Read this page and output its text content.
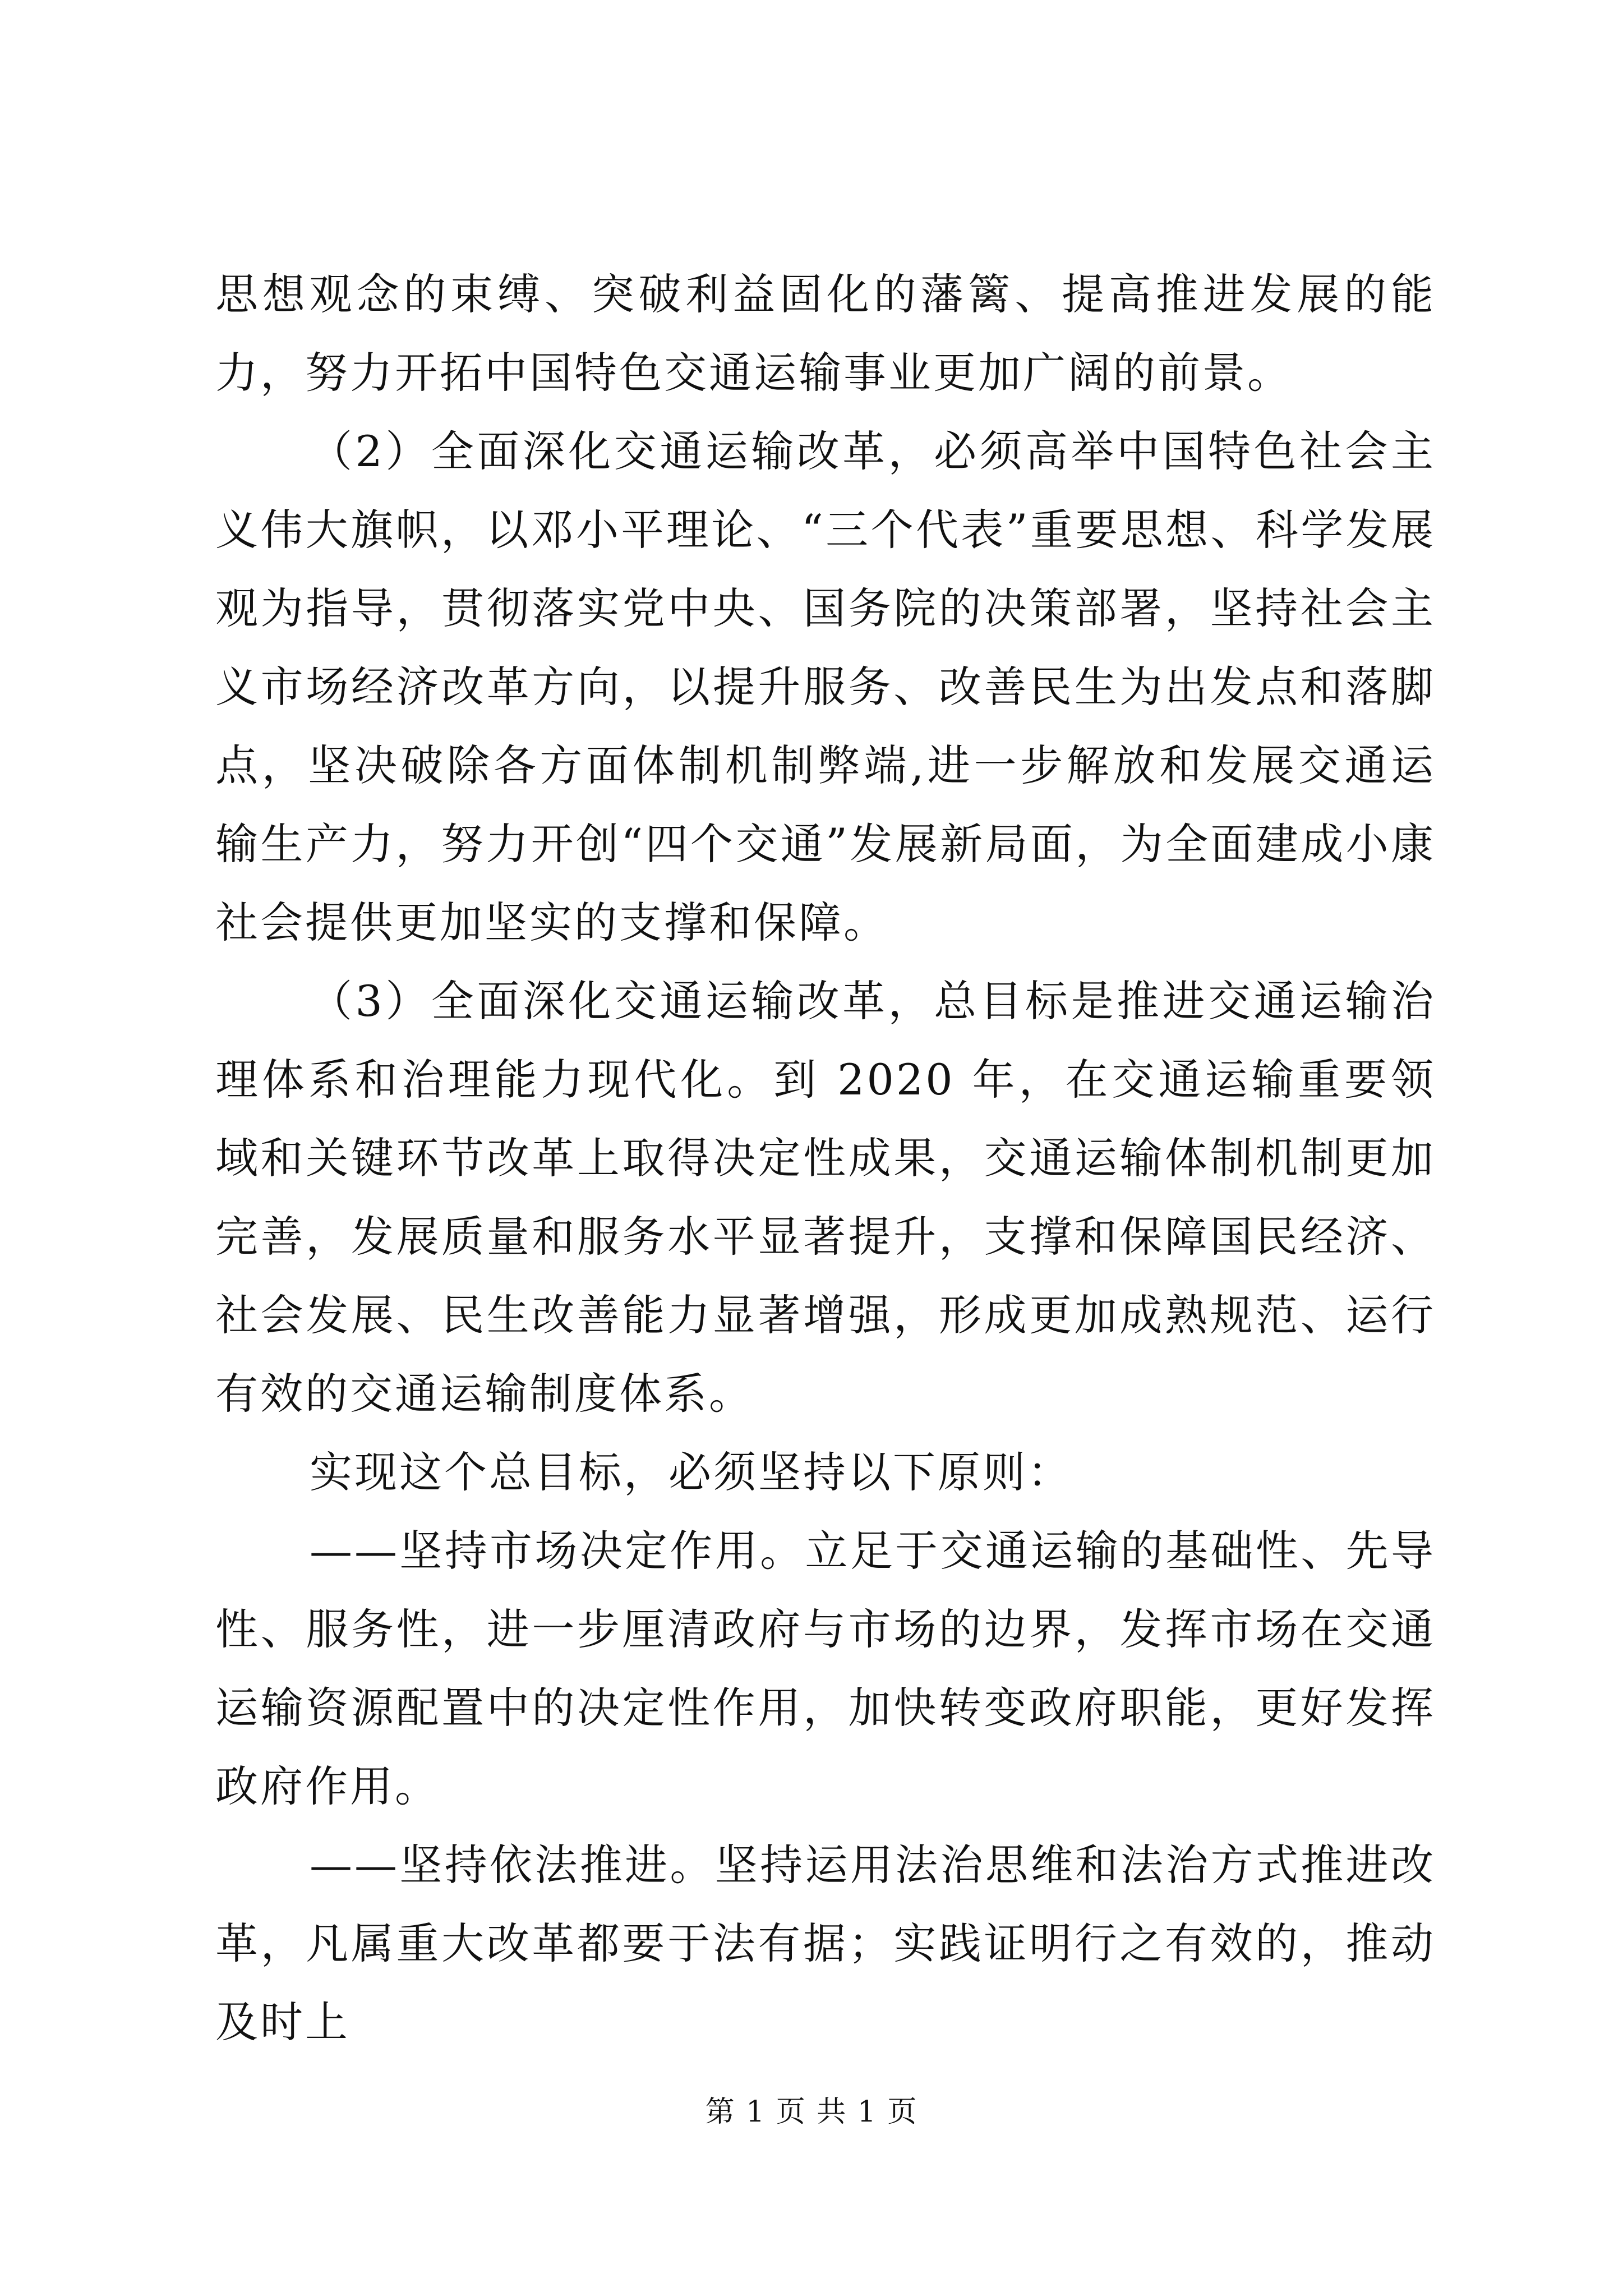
思想观念的束缚、突破利益固化的藩篱、提高推进发展的能力，努力开拓中国特色交通运输事业更加广阔的前景。

（2）全面深化交通运输改革，必须高举中国特色社会主义伟大旗帜，以邓小平理论、“三个代表”重要思想、科学发展观为指导，贯彻落实党中央、国务院的决策部署，坚持社会主义市场经济改革方向，以提升服务、改善民生为出发点和落脚点，坚决破除各方面体制机制弊端,进一步解放和发展交通运输生产力，努力开创“四个交通”发展新局面，为全面建成小康社会提供更加坚实的支撑和保障。

（3）全面深化交通运输改革，总目标是推进交通运输治理体系和治理能力现代化。到 2020 年，在交通运输重要领域和关键环节改革上取得决定性成果，交通运输体制机制更加完善，发展质量和服务水平显著提升，支撑和保障国民经济、社会发展、民生改善能力显著增强，形成更加成熟规范、运行有效的交通运输制度体系。

实现这个总目标，必须坚持以下原则：

——坚持市场决定作用。立足于交通运输的基础性、先导性、服务性，进一步厘清政府与市场的边界，发挥市场在交通运输资源配置中的决定性作用，加快转变政府职能，更好发挥政府作用。

——坚持依法推进。坚持运用法治思维和法治方式推进改革，凡属重大改革都要于法有据；实践证明行之有效的，推动及时上

第 1 页 共 1 页
